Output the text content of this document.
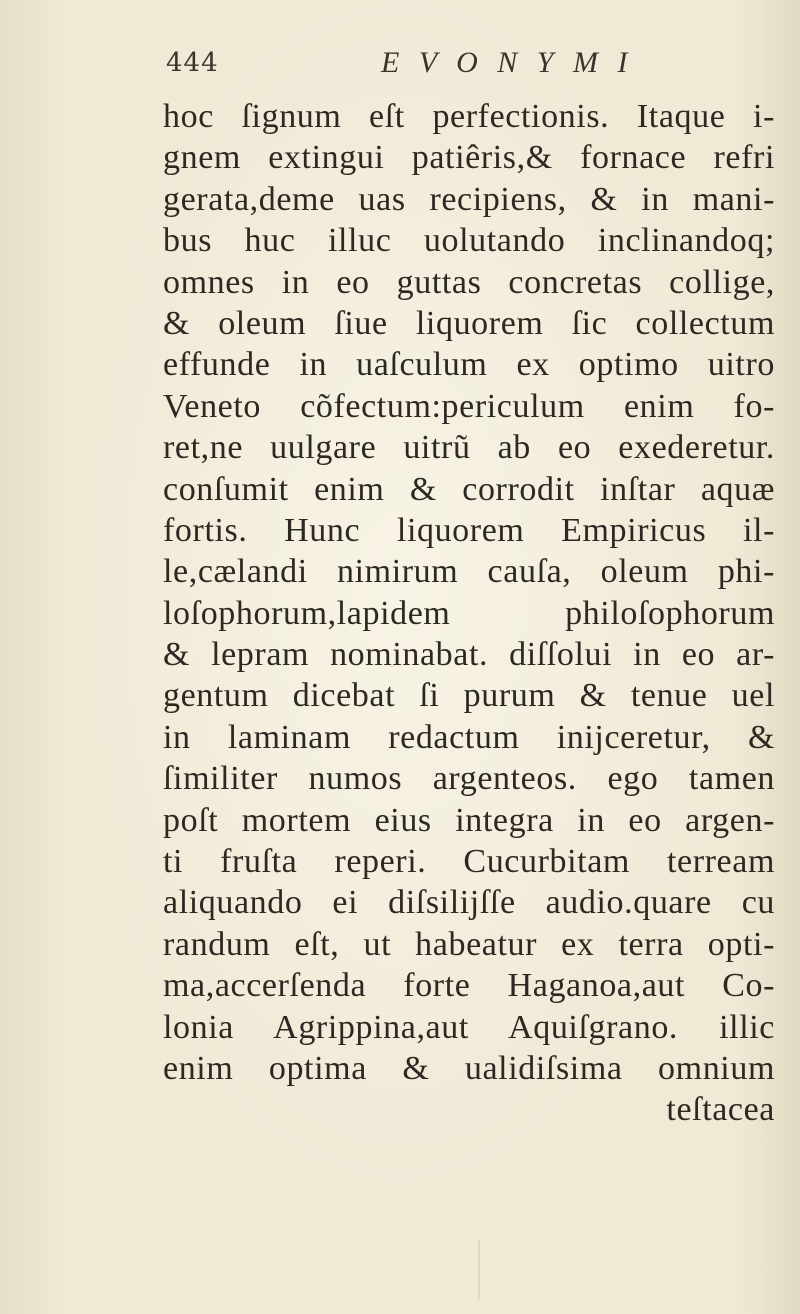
444	E V O N Y M I
hoc ſignum eſt perfectionis. Itaque i-
gnem extingui patiêris,& fornace refri
gerata,deme uas recipiens, & in mani-
bus huc illuc uolutando inclinandoq;
omnes in eo guttas concretas collige,
& oleum ſiue liquorem ſic collectum
effunde in uaſculum ex optimo uitro
Veneto cõfectum:periculum enim fo-
ret,ne uulgare uitrũ ab eo exederetur.
conſumit enim & corrodit inſtar aquæ
fortis. Hunc liquorem Empiricus il-
le,cælandi nimirum cauſa, oleum phi-
loſophorum,lapidem philoſophorum
& lepram nominabat. diſſolui in eo ar-
gentum dicebat ſi purum & tenue uel
in laminam redactum inijceretur, &
ſimiliter numos argenteos. ego tamen
poſt mortem eius integra in eo argen-
ti fruſta reperi. Cucurbitam terream
aliquando ei diſsilijſſe audio.quare cu
randum eſt, ut habeatur ex terra opti-
ma,accerſenda forte Haganoa,aut Co-
lonia Agrippina,aut Aquiſgrano. illic
enim optima & ualidiſsima omnium
teſtacea
